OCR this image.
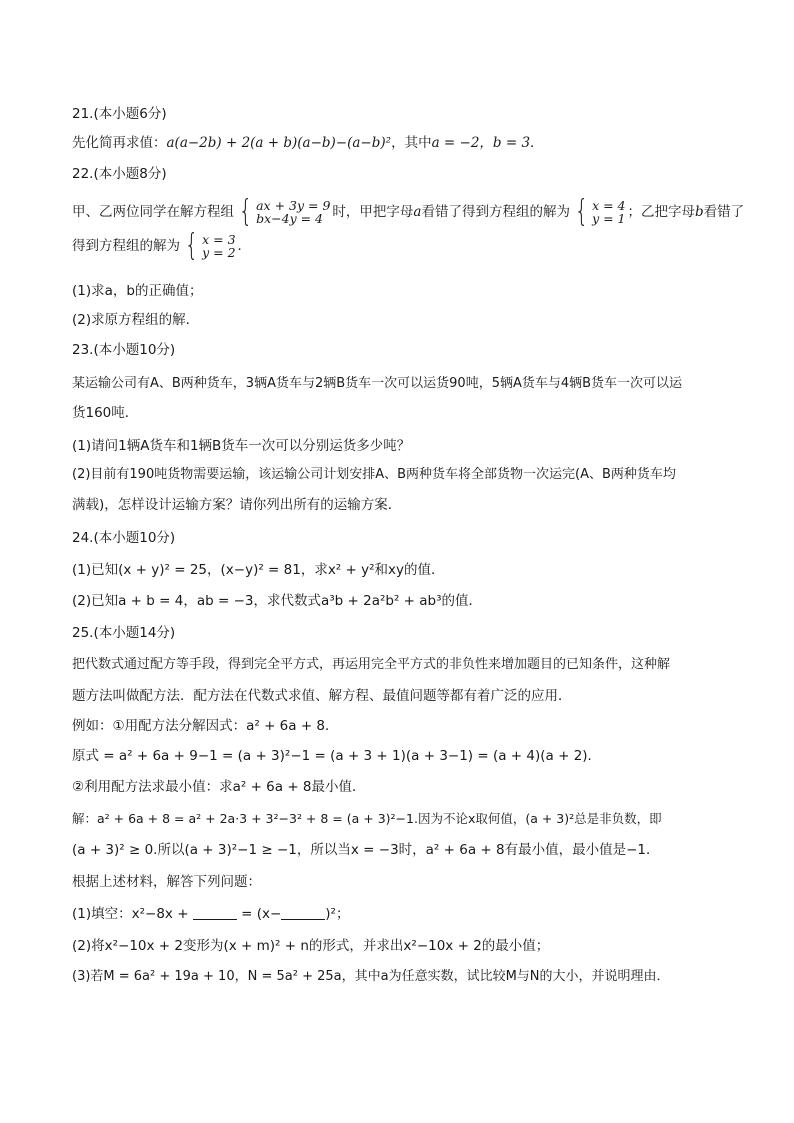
21.(本小题6分)
先化简再求值：a(a−2b) + 2(a + b)(a−b)−(a−b)²，其中a = −2，b = 3．
22.(本小题8分)
甲、乙两位同学在解方程组 { ax + 3y = 9
bx−4y = 4 时，甲把字母a看错了得到方程组的解为 { x = 4
y = 1 ；乙把字母b看错了
得到方程组的解为 { x = 3
y = 2 ．
(1)求a，b的正确值；
(2)求原方程组的解．
23.(本小题10分)
某运输公司有A、B两种货车，3辆A货车与2辆B货车一次可以运货90吨，5辆A货车与4辆B货车一次可以运
货160吨．
(1)请问1辆A货车和1辆B货车一次可以分别运货多少吨？
(2)目前有190吨货物需要运输，该运输公司计划安排A、B两种货车将全部货物一次运完(A、B两种货车均
满载)，怎样设计运输方案？请你列出所有的运输方案．
24.(本小题10分)
(1)已知(x + y)² = 25，(x−y)² = 81，求x² + y²和xy的值．
(2)已知a + b = 4，ab = −3，求代数式a³b + 2a²b² + ab³的值．
25.(本小题14分)
把代数式通过配方等手段，得到完全平方式，再运用完全平方式的非负性来增加题目的已知条件，这种解
题方法叫做配方法．配方法在代数式求值、解方程、最值问题等都有着广泛的应用．
例如：①用配方法分解因式：a² + 6a + 8．
原式 = a² + 6a + 9−1 = (a + 3)²−1 = (a + 3 + 1)(a + 3−1) = (a + 4)(a + 2)．
②利用配方法求最小值：求a² + 6a + 8最小值．
解：a² + 6a + 8 = a² + 2a·3 + 3²−3² + 8 = (a + 3)²−1.因为不论x取何值，(a + 3)²总是非负数，即
(a + 3)² ≥ 0.所以(a + 3)²−1 ≥ −1，所以当x = −3时，a² + 6a + 8有最小值，最小值是−1．
根据上述材料，解答下列问题：
(1)填空：x²−8x +	= (x−	)²；
(2)将x²−10x + 2变形为(x + m)² + n的形式，并求出x²−10x + 2的最小值；
(3)若M = 6a² + 19a + 10，N = 5a² + 25a，其中a为任意实数，试比较M与N的大小，并说明理由．
